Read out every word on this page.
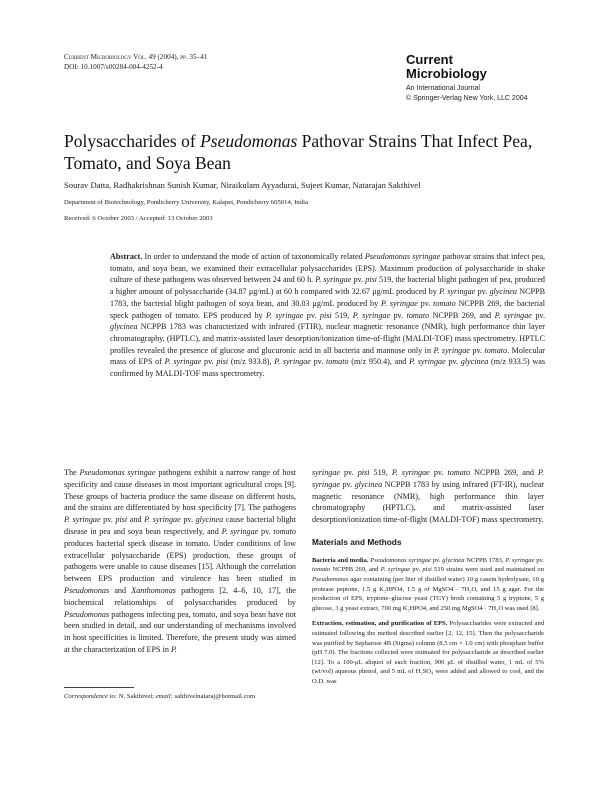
Current Microbiology Vol. 49 (2004), pp. 35–41
DOI: 10.1007/s00284-004-4252-4	Current
Microbiology
An International Journal
© Springer-Verlag New York, LLC 2004
Polysaccharides of Pseudomonas Pathovar Strains That Infect Pea, Tomato, and Soya Bean
Sourav Datta, Radhakrishnan Sunish Kumar, Niraikulam Ayyadurai, Sujeet Kumar, Natarajan Sakthivel
Department of Biotechnology, Pondicherry University, Kalapet, Pondicherry 605014, India
Received: 6 October 2003 / Accepted: 13 October 2003

Abstract. In order to understand the mode of action of taxonomically related Pseudomonas syringae pathovar strains that infect pea, tomato, and soya bean, we examined their extracellular polysaccharides (EPS). Maximum production of polysaccharide in shake culture of these pathogens was observed between 24 and 60 h. P. syringae pv. pisi 519, the bacterial blight pathogen of pea, produced a higher amount of polysaccharide (34.87 μg/mL) at 60 h compared with 32.67 μg/mL produced by P. syringae pv. glycinea NCPPB 1783, the bacterial blight pathogen of soya bean, and 30.03 μg/mL produced by P. syringae pv. tomato NCPPB 269, the bacterial speck pathogen of tomato. EPS produced by P. syringae pv. pisi 519, P. syringae pv. tomato NCPPB 269, and P. syringae pv. glycinea NCPPB 1783 was characterized with infrared (FTIR), nuclear magnetic resonance (NMR), high performance thin layer chromatography, (HPTLC), and matrix-assisted laser desorption/ionization time-of-flight (MALDI-TOF) mass spectrometry. HPTLC profiles revealed the presence of glucose and glucuronic acid in all bacteria and mannose only in P. syringae pv. tomato. Molecular mass of EPS of P. syringae pv. pisi (m/z 933.8), P. syringae pv. tomato (m/z 950.4), and P. syringae pv. glycinea (m/z 933.5) was confirmed by MALDI-TOF mass spectrometry.

The Pseudomonas syringae pathogens exhibit a narrow range of host specificity and cause diseases in most important agricultural crops [9]. These groups of bacteria produce the same disease on different hosts, and the strains are differentiated by host specificity [7]. The pathogens P. syringae pv. pisi and P. syringae pv. glycinea cause bacterial blight disease in pea and soya bean respectively, and P. syringae pv. tomato produces bacterial speck disease in tomato. Under conditions of low extracellular polysaccharide (EPS) production, these groups of pathogens were unable to cause diseases [15]. Although the correlation between EPS production and virulence has been studied in Pseudomonas and Xanthomonas pathogens [2, 4–6, 10, 17], the biochemical relationships of polysaccharides produced by Pseudomonas pathogens infecting pea, tomato, and soya bean have not been studied in detail, and our understanding of mechanisms involved in host specificities is limited. Therefore, the present study was aimed at the characterization of EPS in P.

syringae pv. pisi 519, P. syringae pv. tomato NCPPB 269, and P. syringae pv. glycinea NCPPB 1783 by using infrared (FT-IR), nuclear magnetic resonance (NMR), high performance thin layer chromatography (HPTLC), and matrix-assisted laser desorption/ionization time-of-flight (MALDI-TOF) mass spectrometry.

Materials and Methods

Bacteria and media. Pseudomonas syringae pv. glycinea NCPPB 1783, P. syringae pv. tomato NCPPB 269, and P. syringae pv. pisi 519 strains were used and maintained on Pseudomonas agar containing (per liter of distilled water) 10 g casein hydrolysate, 10 g protease peptone, 1.5 g K₂HPO4, 1.5 g of MgSO4 · 7H₂O, and 15 g agar. For the production of EPS, tryptone–glucose yeast (TGY) broth containing 5 g tryptone, 5 g glucose, 3 g yeast extract, 700 mg K₂HPO4, and 250 mg MgSO4 · 7H₂O was used [8].

Extraction, estimation, and purification of EPS. Polysaccharides were extracted and estimated following the method described earlier [2, 12, 15]. Then the polysaccharide was purified by Sepharose 4B (Sigma) column (8.5 cm × 1.0 cm) with phosphate buffer (pH 7.0). The fractions collected were estimated for polysaccharide as described earlier [12]. To a 100-μL aliquot of each fraction, 900 μL of distilled water, 1 mL of 5% (wt/vol) aqueous phenol, and 5 mL of H₂SO₄ were added and allowed to cool, and the O.D. was

Correspondence to: N. Sakthivel; email: salthivelnataraj@hotmail.com
